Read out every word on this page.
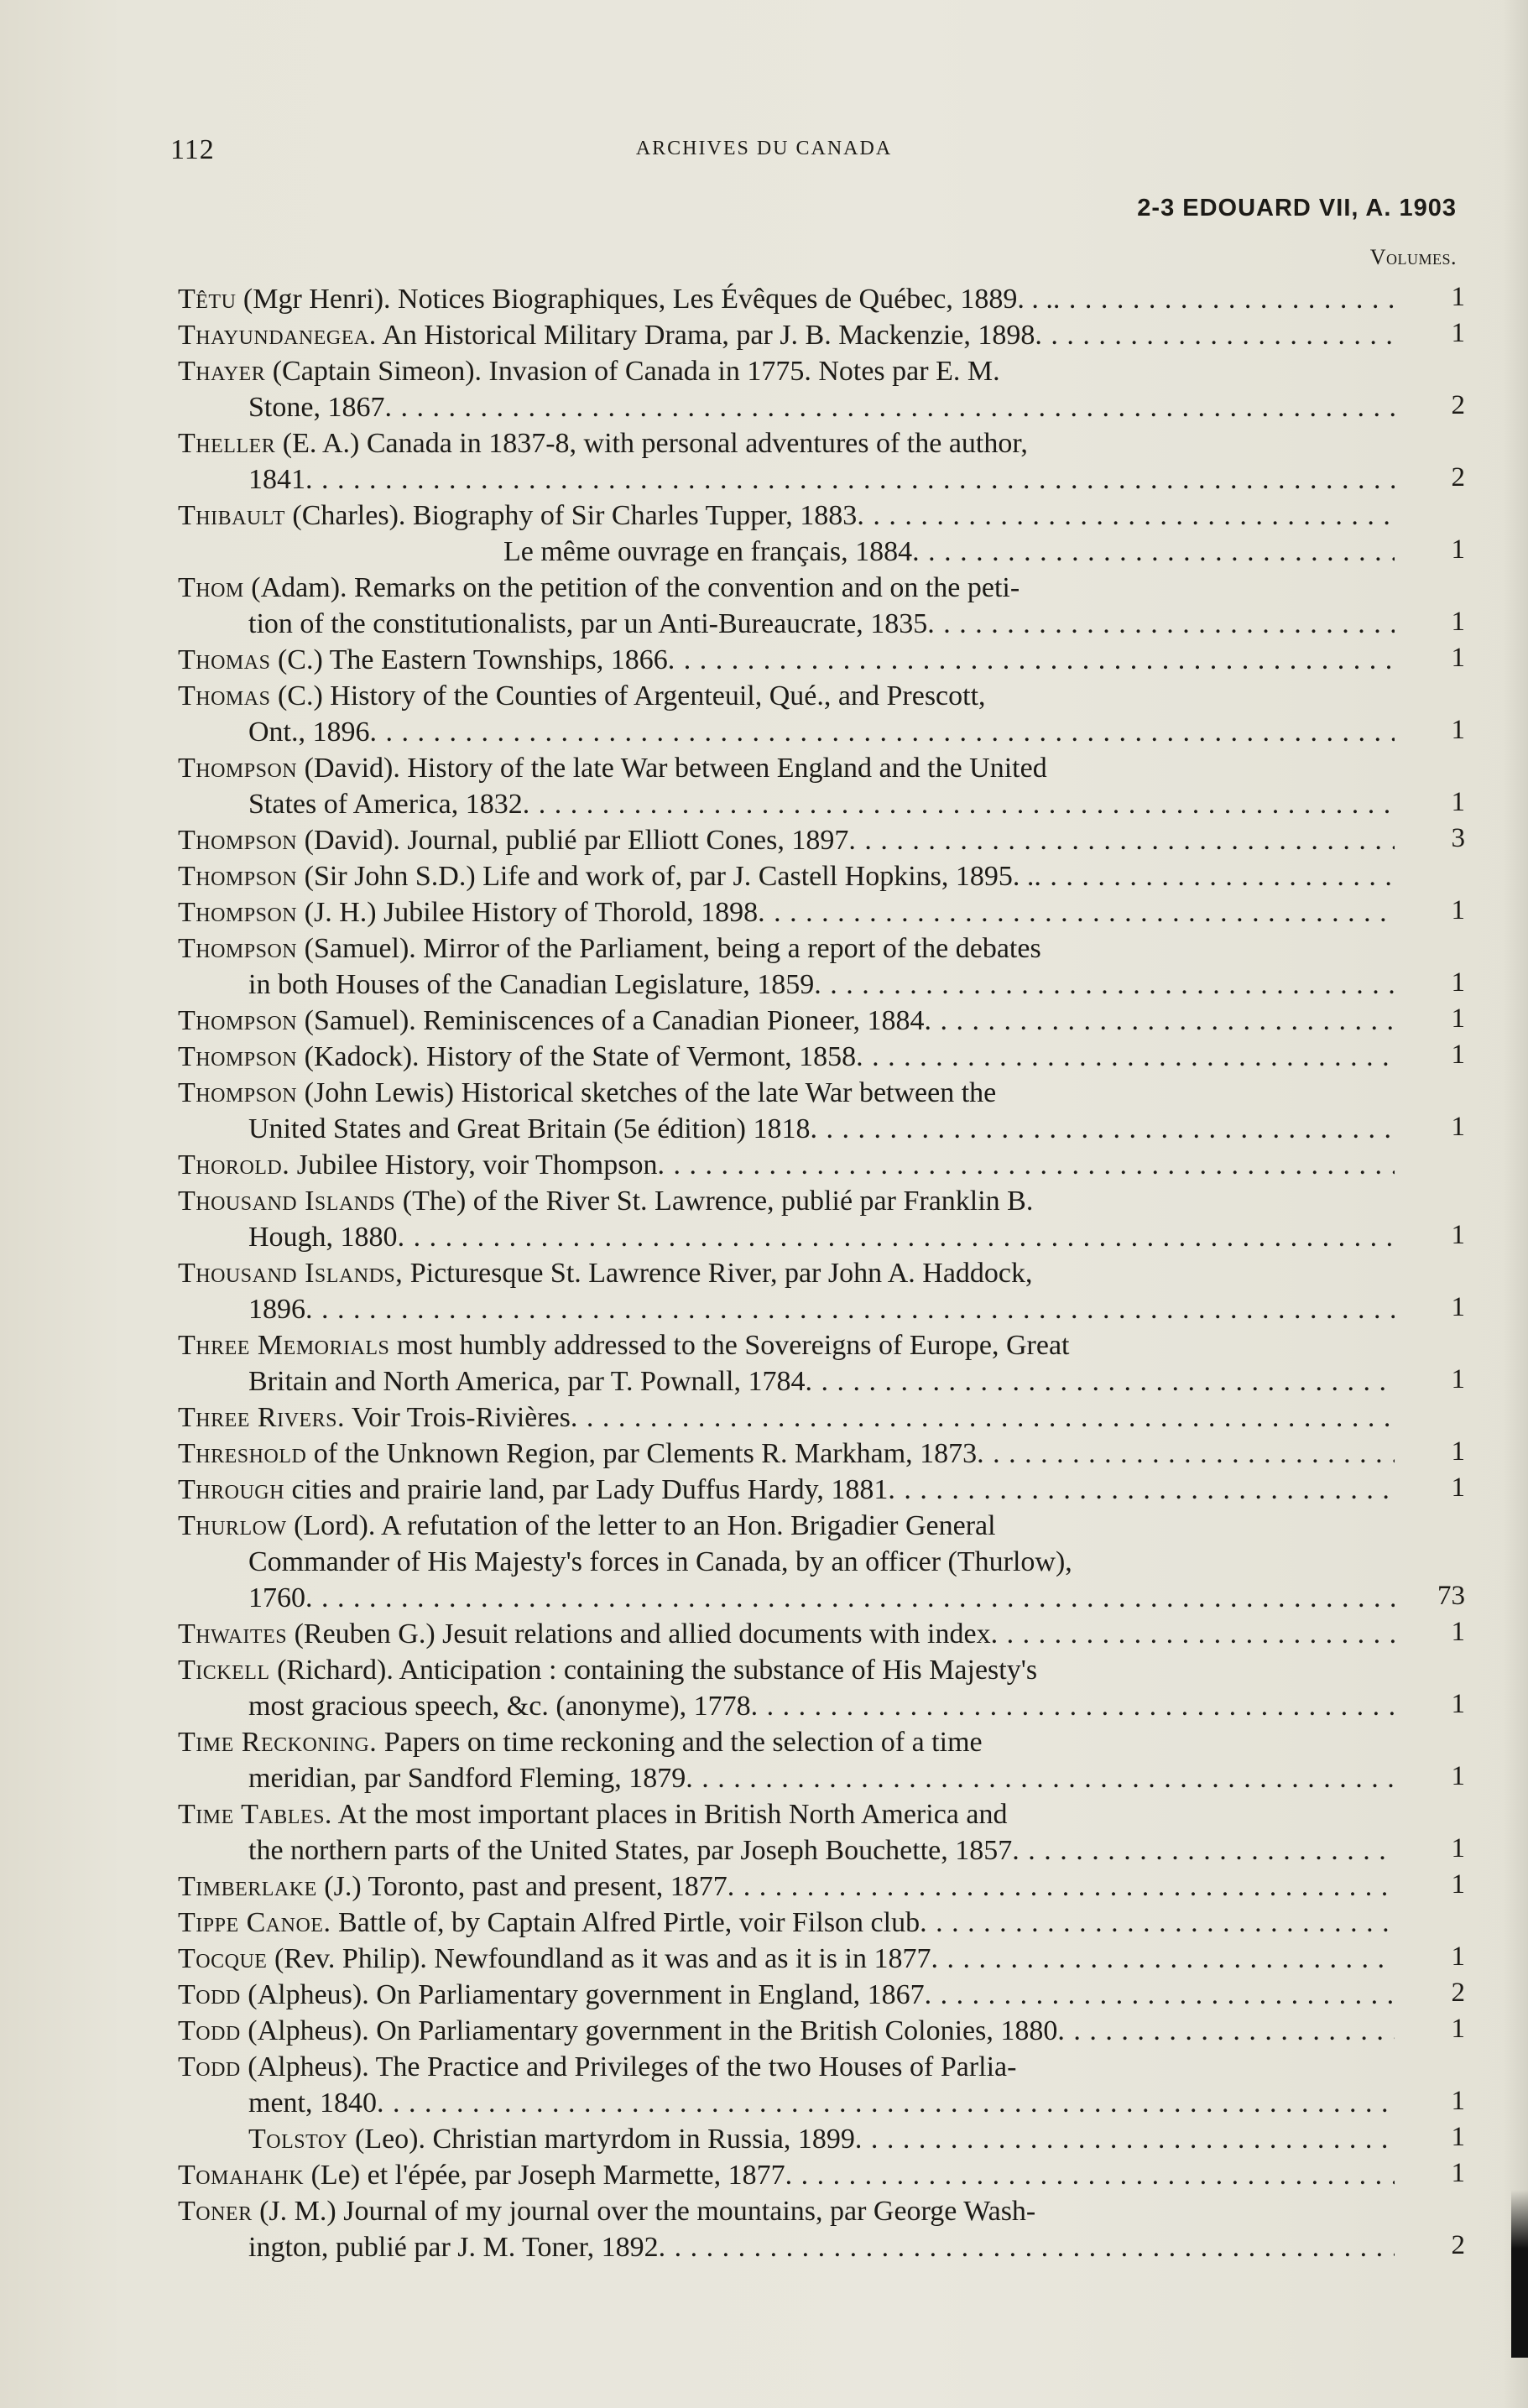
112	ARCHIVES DU CANADA
2-3 EDOUARD VII, A. 1903
Volumes.
Têtu (Mgr Henri). Notices Biographiques, Les Évêques de Québec, 1889. . . . . .	1
Thayundanegea. An Historical Military Drama, par J. B. Mackenzie, 1898 . . .	1
Thayer (Captain Simeon). Invasion of Canada in 1775. Notes par E. M.
Stone, 1867 . . .	2
Theller (E. A.) Canada in 1837-8, with personal adventures of the author,
1841 . . .	2
Thibault (Charles). Biography of Sir Charles Tupper, 1883
. . .
Le même ouvrage en français, 1884 . . .	1
Thom (Adam). Remarks on the petition of the convention and on the peti-
tion of the constitutionalists, par un Anti-Bureaucrate, 1835 . . .	1
Thomas (C.) The Eastern Townships, 1866 . . .	1
Thomas (C.) History of the Counties of Argenteuil, Qué., and Prescott,
Ont., 1896 . . .	1
Thompson (David). History of the late War between England and the United
States of America, 1832 . . .	1
Thompson (David). Journal, publié par Elliott Cones, 1897 . . .	3
Thompson (Sir John S.D.) Life and work of, par J. Castell Hopkins, 1895. .
. . .
Thompson (J. H.) Jubilee History of Thorold, 1898 . . .	1
Thompson (Samuel). Mirror of the Parliament, being a report of the debates
in both Houses of the Canadian Legislature, 1859 . . .	1
Thompson (Samuel). Reminiscences of a Canadian Pioneer, 1884 . . .	1
Thompson (Kadock). History of the State of Vermont, 1858 . . .	1
Thompson (John Lewis) Historical sketches of the late War between the
United States and Great Britain (5e édition) 1818 . . .	1
Thorold. Jubilee History, voir Thompson
. . .
Thousand Islands (The) of the River St. Lawrence, publié par Franklin B.
Hough, 1880 . . .	1
Thousand Islands, Picturesque St. Lawrence River, par John A. Haddock,
1896 . . .	1
Three Memorials most humbly addressed to the Sovereigns of Europe, Great
Britain and North America, par T. Pownall, 1784 . . .	1
Three Rivers. Voir Trois-Rivières
. . .
Threshold of the Unknown Region, par Clements R. Markham, 1873 . . .	1
Through cities and prairie land, par Lady Duffus Hardy, 1881 . . .	1
Thurlow (Lord). A refutation of the letter to an Hon. Brigadier General
Commander of His Majesty's forces in Canada, by an officer (Thurlow),
1760 . . .	73
Thwaites (Reuben G.) Jesuit relations and allied documents with index . . .	1
Tickell (Richard). Anticipation : containing the substance of His Majesty's
most gracious speech, &c. (anonyme), 1778 . . .	1
Time Reckoning. Papers on time reckoning and the selection of a time
meridian, par Sandford Fleming, 1879 . . .	1
Time Tables. At the most important places in British North America and
the northern parts of the United States, par Joseph Bouchette, 1857 . . .	1
Timberlake (J.) Toronto, past and present, 1877 . . .	1
Tippe Canoe. Battle of, by Captain Alfred Pirtle, voir Filson club
. . .
Tocque (Rev. Philip). Newfoundland as it was and as it is in 1877 . . .	1
Todd (Alpheus). On Parliamentary government in England, 1867 . . .	2
Todd (Alpheus). On Parliamentary government in the British Colonies, 1880 . . .	1
Todd (Alpheus). The Practice and Privileges of the two Houses of Parlia-
ment, 1840 . . .	1
Tolstoy (Leo). Christian martyrdom in Russia, 1899 . . .	1
Tomahahk (Le) et l'épée, par Joseph Marmette, 1877 . . .	1
Toner (J. M.) Journal of my journal over the mountains, par George Wash-
ington, publié par J. M. Toner, 1892 . . .	2
